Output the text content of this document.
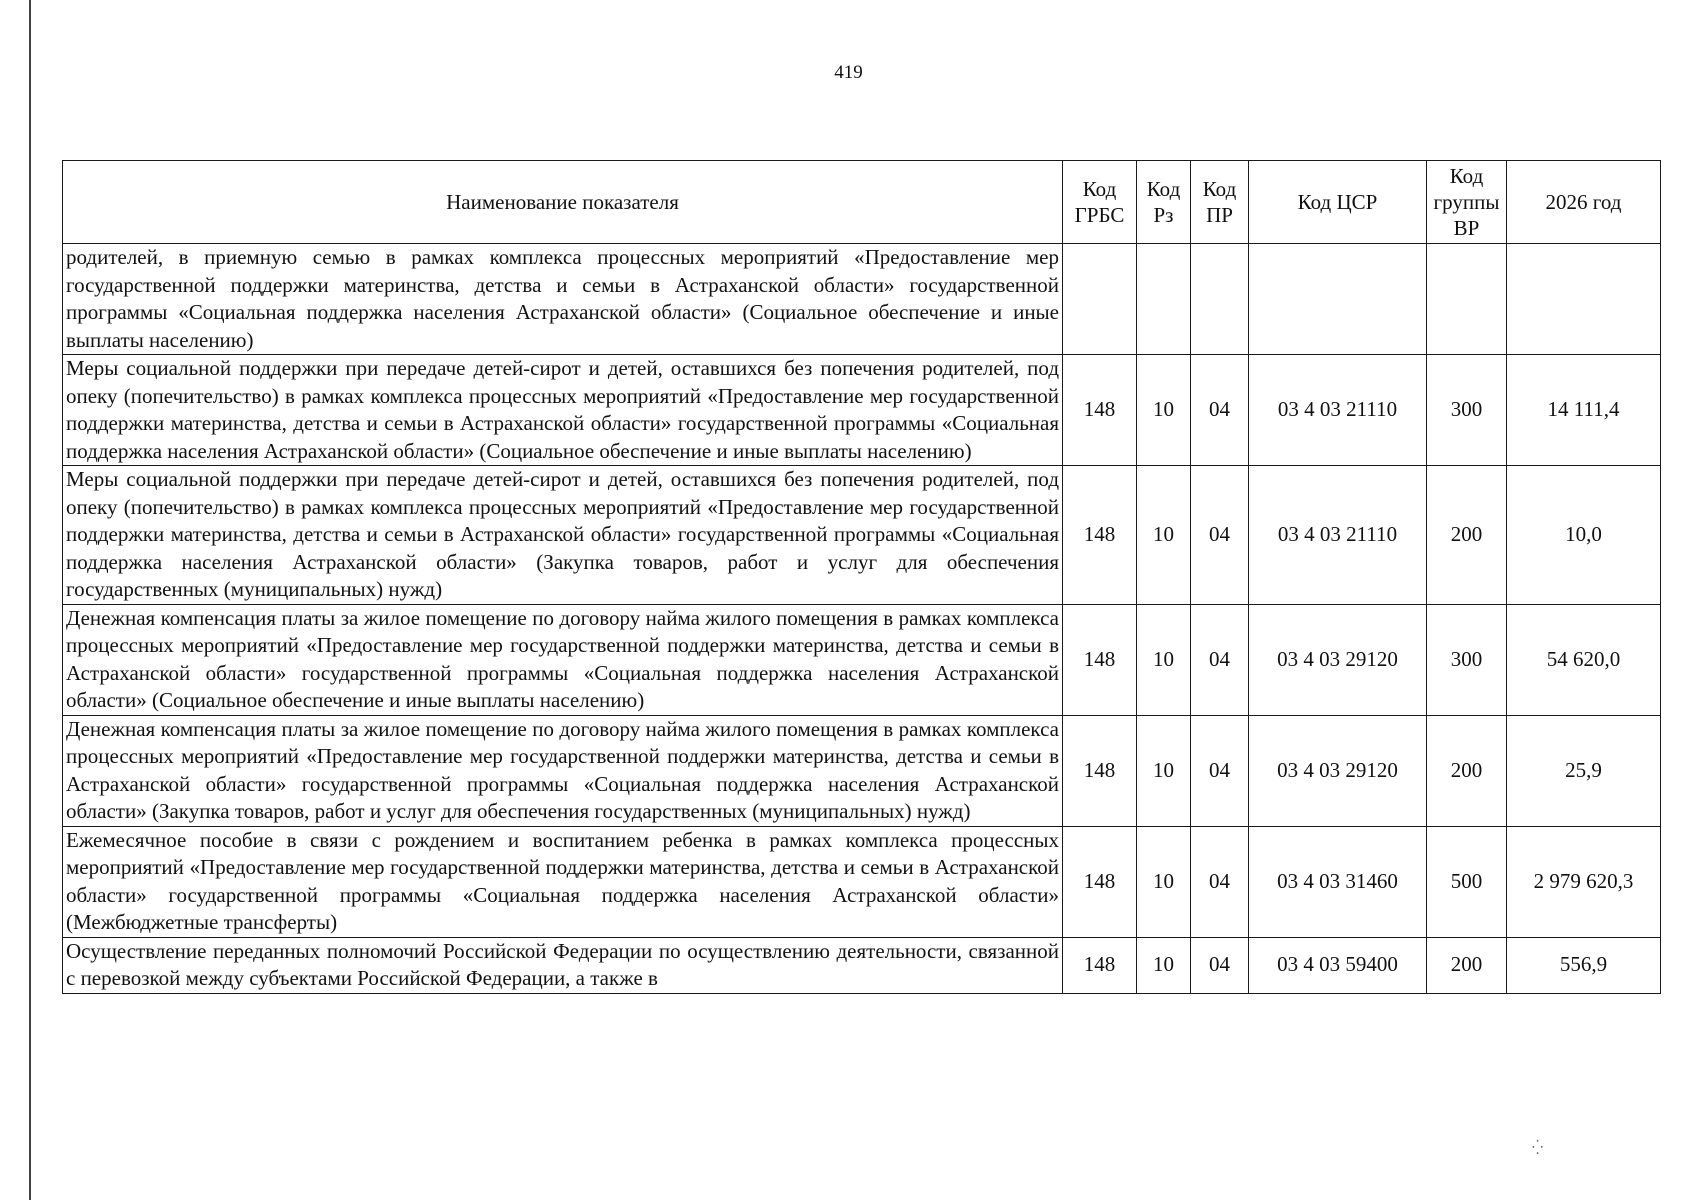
419
Наименование показателя	Код ГРБС	Код Рз	Код ПР	Код ЦСР	Код группы ВР	2026 год
родителей, в приемную семью в рамках комплекса процессных мероприятий «Предоставление мер государственной поддержки материнства, детства и семьи в Астраханской области» государственной программы «Социальная поддержка населения Астраханской области» (Социальное обеспечение и иные выплаты населению)						
Меры социальной поддержки при передаче детей-сирот и детей, оставшихся без попечения родителей, под опеку (попечительство) в рамках комплекса процессных мероприятий «Предоставление мер государственной поддержки материнства, детства и семьи в Астраханской области» государственной программы «Социальная поддержка населения Астраханской области» (Социальное обеспечение и иные выплаты населению)	148	10	04	03 4 03 21110	300	14 111,4
Меры социальной поддержки при передаче детей-сирот и детей, оставшихся без попечения родителей, под опеку (попечительство) в рамках комплекса процессных мероприятий «Предоставление мер государственной поддержки материнства, детства и семьи в Астраханской области» государственной программы «Социальная поддержка населения Астраханской области» (Закупка товаров, работ и услуг для обеспечения государственных (муниципальных) нужд)	148	10	04	03 4 03 21110	200	10,0
Денежная компенсация платы за жилое помещение по договору найма жилого помещения в рамках комплекса процессных мероприятий «Предоставление мер государственной поддержки материнства, детства и семьи в Астраханской области» государственной программы «Социальная поддержка населения Астраханской области» (Социальное обеспечение и иные выплаты населению)	148	10	04	03 4 03 29120	300	54 620,0
Денежная компенсация платы за жилое помещение по договору найма жилого помещения в рамках комплекса процессных мероприятий «Предоставление мер государственной поддержки материнства, детства и семьи в Астраханской области» государственной программы «Социальная поддержка населения Астраханской области» (Закупка товаров, работ и услуг для обеспечения государственных (муниципальных) нужд)	148	10	04	03 4 03 29120	200	25,9
Ежемесячное пособие в связи с рождением и воспитанием ребенка в рамках комплекса процессных мероприятий «Предоставление мер государственной поддержки материнства, детства и семьи в Астраханской области» государственной программы «Социальная поддержка населения Астраханской области» (Межбюджетные трансферты)	148	10	04	03 4 03 31460	500	2 979 620,3
Осуществление переданных полномочий Российской Федерации по осуществлению деятельности, связанной с перевозкой между субъектами Российской Федерации, а также в	148	10	04	03 4 03 59400	200	556,9
⁛
